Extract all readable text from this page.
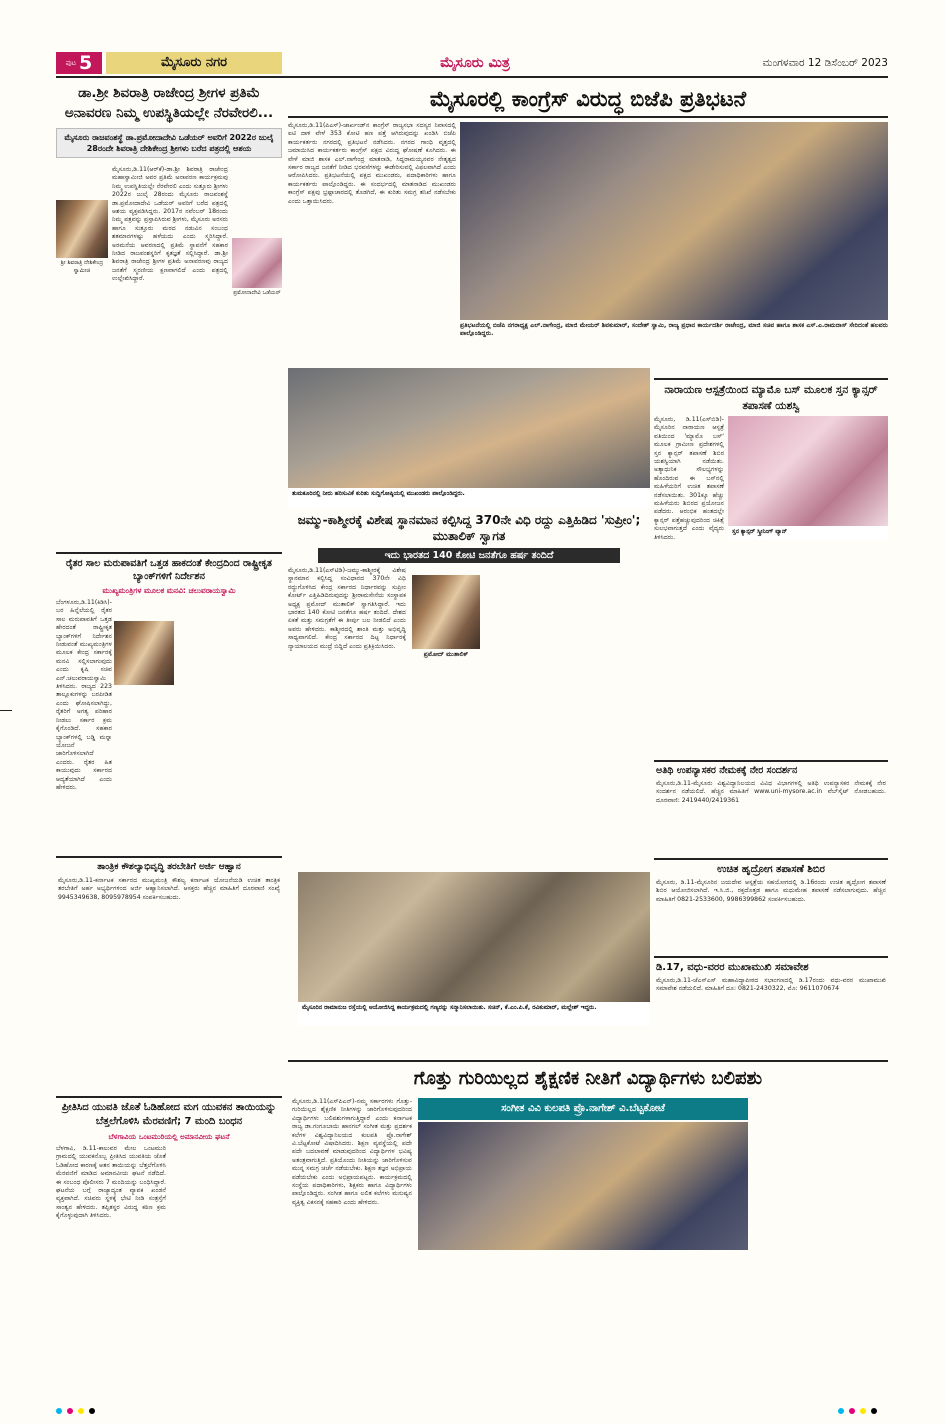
ಪುಟ 5	ಮೈಸೂರು ನಗರ	ಮೈಸೂರು ಮಿತ್ರ	ಮಂಗಳವಾರ 12 ಡಿಸೆಂಬರ್ 2023
ಡಾ.ಶ್ರೀ ಶಿವರಾತ್ರಿ ರಾಜೇಂದ್ರ ಶ್ರೀಗಳ ಪ್ರತಿಮೆ ಅನಾವರಣ ನಿಮ್ಮ ಉಪಸ್ಥಿತಿಯಲ್ಲೇ ನೆರವೇರಲಿ...
ಮೈಸೂರು ರಾಜವಂಶಸ್ಥೆ ಡಾ.ಪ್ರಮೋದಾದೇವಿ ಒಡೆಯರ್ ಅವರಿಗೆ 2022ರ ಜುಲೈ 28ರಂದೇ ಶಿವರಾತ್ರಿ ದೇಶಿಕೇಂದ್ರ ಶ್ರೀಗಳು ಬರೆದ ಪತ್ರದಲ್ಲಿ ಆಶಯ
ಶ್ರೀ ಶಿವರಾತ್ರಿ ದೇಶಿಕೇಂದ್ರ ಸ್ವಾಮೀಜಿ
ಪ್ರಮೋದಾದೇವಿ ಒಡೆಯರ್
ಮೈಸೂರು,ಡಿ.11(ಆರ್‌ಕೆ)-ಡಾ.ಶ್ರೀ ಶಿವರಾತ್ರಿ ರಾಜೇಂದ್ರ ಮಹಾಸ್ವಾಮೀಜಿ ಅವರ ಪ್ರತಿಮೆ ಅನಾವರಣ ಕಾರ್ಯಕ್ರಮವು ನಿಮ್ಮ ಉಪಸ್ಥಿತಿಯಲ್ಲೇ ನೆರವೇರಲಿ ಎಂದು ಸುತ್ತೂರು ಶ್ರೀಗಳು 2022ರ ಜುಲೈ 28ರಂದು ಮೈಸೂರು ರಾಜವಂಶಸ್ಥೆ ಡಾ.ಪ್ರಮೋದಾದೇವಿ ಒಡೆಯರ್ ಅವರಿಗೆ ಬರೆದ ಪತ್ರದಲ್ಲಿ ಆಶಯ ವ್ಯಕ್ತಪಡಿಸಿದ್ದರು. 2017ರ ನವೆಂಬರ್ 18ರಂದು ನಿಮ್ಮ ಪತ್ರವನ್ನು ಪ್ರಸ್ತಾಪಿಸಿರುವ ಶ್ರೀಗಳು, ಮೈಸೂರು ಅರಸರು ಹಾಗೂ ಸುತ್ತೂರು ಮಠದ ನಡುವಿನ ಸಂಬಂಧ ಶತಮಾನಗಳಷ್ಟು ಹಳೆಯದು ಎಂದು ಸ್ಮರಿಸಿದ್ದಾರೆ. ಅರಮನೆಯ ಆವರಣದಲ್ಲಿ ಪ್ರತಿಮೆ ಸ್ಥಾಪನೆಗೆ ಸಹಕಾರ ನೀಡಿದ ರಾಜವಂಶಸ್ಥರಿಗೆ ಕೃತಜ್ಞತೆ ಸಲ್ಲಿಸಿದ್ದಾರೆ. ಡಾ.ಶ್ರೀ ಶಿವರಾತ್ರಿ ರಾಜೇಂದ್ರ ಶ್ರೀಗಳ ಪ್ರತಿಮೆ ಅನಾವರಣವು ರಾಜ್ಯದ ಜನತೆಗೆ ಸ್ಮರಣೀಯ ಕ್ಷಣವಾಗಲಿದೆ ಎಂದು ಪತ್ರದಲ್ಲಿ ಉಲ್ಲೇಖಿಸಿದ್ದಾರೆ.
ರೈತರ ಸಾಲ ಮರುಪಾವತಿಗೆ ಒತ್ತಡ ಹಾಕದಂತೆ ಕೇಂದ್ರದಿಂದ ರಾಷ್ಟ್ರೀಕೃತ ಬ್ಯಾಂಕ್‌ಗಳಿಗೆ ನಿರ್ದೇಶನ
ಮುಖ್ಯಮಂತ್ರಿಗಳ ಮೂಲಕ ಮನವಿ: ಚಲುವರಾಯಸ್ವಾಮಿ
ಬೆಂಗಳೂರು,ಡಿ.11(ಕಿಡಿಸಿ)-ಬರ ಹಿನ್ನೆಲೆಯಲ್ಲಿ ರೈತರ ಸಾಲ ಮರುಪಾವತಿಗೆ ಒತ್ತಡ ಹೇರದಂತೆ ರಾಷ್ಟ್ರೀಕೃತ ಬ್ಯಾಂಕ್‌ಗಳಿಗೆ ನಿರ್ದೇಶನ ನೀಡುವಂತೆ ಮುಖ್ಯಮಂತ್ರಿಗಳ ಮೂಲಕ ಕೇಂದ್ರ ಸರ್ಕಾರಕ್ಕೆ ಮನವಿ ಸಲ್ಲಿಸಲಾಗುವುದು ಎಂದು ಕೃಷಿ ಸಚಿವ ಎನ್.ಚಲುವರಾಯಸ್ವಾಮಿ ತಿಳಿಸಿದರು. ರಾಜ್ಯದ 223 ತಾಲ್ಲೂಕುಗಳನ್ನು ಬರಪೀಡಿತ ಎಂದು ಘೋಷಿಸಲಾಗಿದ್ದು, ರೈತರಿಗೆ ಅಗತ್ಯ ಪರಿಹಾರ ನೀಡಲು ಸರ್ಕಾರ ಕ್ರಮ ಕೈಗೊಂಡಿದೆ. ಸಹಕಾರ ಬ್ಯಾಂಕ್‌ಗಳಲ್ಲಿ ಬಡ್ಡಿ ಮನ್ನಾ ಯೋಜನೆ ಜಾರಿಗೊಳಿಸಲಾಗಿದೆ ಎಂದರು. ರೈತರ ಹಿತ ಕಾಯುವುದು ಸರ್ಕಾರದ ಆದ್ಯತೆಯಾಗಿದೆ ಎಂದು ಹೇಳಿದರು.
ತಾಂತ್ರಿಕ ಕೌಶಲ್ಯಾಭಿವೃದ್ಧಿ ತರಬೇತಿಗೆ ಅರ್ಜಿ ಆಹ್ವಾನ
ಮೈಸೂರು,ಡಿ.11-ಕರ್ನಾಟಕ ಸರ್ಕಾರದ ಮುಖ್ಯಮಂತ್ರಿ ಕೌಶಲ್ಯ ಕರ್ನಾಟಕ ಯೋಜನೆಯಡಿ ಉಚಿತ ತಾಂತ್ರಿಕ ತರಬೇತಿಗೆ ಅರ್ಹ ಅಭ್ಯರ್ಥಿಗಳಿಂದ ಅರ್ಜಿ ಆಹ್ವಾನಿಸಲಾಗಿದೆ. ಆಸಕ್ತರು ಹೆಚ್ಚಿನ ಮಾಹಿತಿಗೆ ದೂರವಾಣಿ ಸಂಖ್ಯೆ 9945349638, 8095978954 ಸಂಪರ್ಕಿಸಬಹುದು.
ಮೈಸೂರಲ್ಲಿ ಕಾಂಗ್ರೆಸ್ ವಿರುದ್ಧ ಬಿಜೆಪಿ ಪ್ರತಿಭಟನೆ
ಮೈಸೂರು,ಡಿ.11(ಪಿಎಸ್)-ಜಾರ್ಖಂಡ್‌ನ ಕಾಂಗ್ರೆಸ್ ರಾಜ್ಯಸಭಾ ಸದಸ್ಯರ ನಿವಾಸದಲ್ಲಿ ಐಟಿ ದಾಳಿ ವೇಳೆ 353 ಕೋಟಿ ಹಣ ಪತ್ತೆ ಆಗಿರುವುದನ್ನು ಖಂಡಿಸಿ ಬಿಜೆಪಿ ಕಾರ್ಯಕರ್ತರು ನಗರದಲ್ಲಿ ಪ್ರತಿಭಟನೆ ನಡೆಸಿದರು. ನಗರದ ಗಾಂಧಿ ವೃತ್ತದಲ್ಲಿ ಜಮಾಯಿಸಿದ ಕಾರ್ಯಕರ್ತರು ಕಾಂಗ್ರೆಸ್ ಪಕ್ಷದ ವಿರುದ್ಧ ಘೋಷಣೆ ಕೂಗಿದರು. ಈ ವೇಳೆ ಮಾಜಿ ಶಾಸಕ ಎಲ್.ನಾಗೇಂದ್ರ ಮಾತನಾಡಿ, ಸಿದ್ದರಾಮಯ್ಯನವರ ನೇತೃತ್ವದ ಸರ್ಕಾರ ರಾಜ್ಯದ ಜನತೆಗೆ ನೀಡಿದ ಭರವಸೆಗಳನ್ನು ಈಡೇರಿಸುವಲ್ಲಿ ವಿಫಲವಾಗಿದೆ ಎಂದು ಆರೋಪಿಸಿದರು. ಪ್ರತಿಭಟನೆಯಲ್ಲಿ ಪಕ್ಷದ ಮುಖಂಡರು, ಪದಾಧಿಕಾರಿಗಳು ಹಾಗೂ ಕಾರ್ಯಕರ್ತರು ಪಾಲ್ಗೊಂಡಿದ್ದರು. ಈ ಸಂದರ್ಭದಲ್ಲಿ ಮಾತನಾಡಿದ ಮುಖಂಡರು ಕಾಂಗ್ರೆಸ್ ಪಕ್ಷವು ಭ್ರಷ್ಟಾಚಾರದಲ್ಲಿ ತೊಡಗಿದೆ, ಈ ಕುರಿತು ಸಮಗ್ರ ತನಿಖೆ ನಡೆಸಬೇಕು ಎಂದು ಒತ್ತಾಯಿಸಿದರು.
ಪ್ರತಿಭಟನೆಯಲ್ಲಿ ಬಿಜೆಪಿ ನಗರಾಧ್ಯಕ್ಷ ಎಲ್.ನಾಗೇಂದ್ರ, ಮಾಜಿ ಮೇಯರ್ ಶಿವಕುಮಾರ್, ಸಂದೇಶ್ ಸ್ವಾಮಿ, ರಾಜ್ಯ ಪ್ರಧಾನ ಕಾರ್ಯದರ್ಶಿ ರಾಜೇಂದ್ರ, ಮಾಜಿ ಸಚಿವ ಹಾಗೂ ಶಾಸಕ ಎಸ್.ಎ.ರಾಮದಾಸ್ ಸೇರಿದಂತೆ ಹಲವರು ಪಾಲ್ಗೊಂಡಿದ್ದರು.
ತುಮಕೂರಿನಲ್ಲಿ ನೀರು ಹರಿಸುವಿಕೆ ಕುರಿತು ಸುದ್ದಿಗೋಷ್ಠಿಯಲ್ಲಿ ಮುಖಂಡರು ಪಾಲ್ಗೊಂಡಿದ್ದರು.
ಜಮ್ಮು-ಕಾಶ್ಮೀರಕ್ಕೆ ವಿಶೇಷ ಸ್ಥಾನಮಾನ ಕಲ್ಪಿಸಿದ್ದ 370ನೇ ವಿಧಿ ರದ್ದು ಎತ್ತಿಹಿಡಿದ 'ಸುಪ್ರೀಂ'; ಮುತಾಲಿಕ್ ಸ್ವಾಗತ
ಇದು ಭಾರತದ 140 ಕೋಟಿ ಜನತೆಗೂ ಹರ್ಷ ತಂದಿದೆ
ಮೈಸೂರು,ಡಿ.11(ಎಸ್‌ಟಿಡಿ)-ಜಮ್ಮು-ಕಾಶ್ಮೀರಕ್ಕೆ ವಿಶೇಷ ಸ್ಥಾನಮಾನ ಕಲ್ಪಿಸಿದ್ದ ಸಂವಿಧಾನದ 370ನೇ ವಿಧಿ ರದ್ದುಗೊಳಿಸಿದ ಕೇಂದ್ರ ಸರ್ಕಾರದ ನಿರ್ಧಾರವನ್ನು ಸುಪ್ರೀಂ ಕೋರ್ಟ್ ಎತ್ತಿಹಿಡಿದಿರುವುದನ್ನು ಶ್ರೀರಾಮಸೇನೆಯ ಸಂಸ್ಥಾಪಕ ಅಧ್ಯಕ್ಷ ಪ್ರಮೋದ್ ಮುತಾಲಿಕ್ ಸ್ವಾಗತಿಸಿದ್ದಾರೆ. ಇದು ಭಾರತದ 140 ಕೋಟಿ ಜನತೆಗೂ ಹರ್ಷ ತಂದಿದೆ. ದೇಶದ ಏಕತೆ ಮತ್ತು ಸಮಗ್ರತೆಗೆ ಈ ತೀರ್ಪು ಬಲ ನೀಡಲಿದೆ ಎಂದು ಅವರು ಹೇಳಿದರು. ಕಾಶ್ಮೀರದಲ್ಲಿ ಶಾಂತಿ ಮತ್ತು ಅಭಿವೃದ್ಧಿ ಸಾಧ್ಯವಾಗಲಿದೆ. ಕೇಂದ್ರ ಸರ್ಕಾರದ ದಿಟ್ಟ ನಿರ್ಧಾರಕ್ಕೆ ನ್ಯಾಯಾಲಯದ ಮುದ್ರೆ ಬಿದ್ದಿದೆ ಎಂದು ಪ್ರತಿಕ್ರಿಯಿಸಿದರು.
ಪ್ರಮೋದ್ ಮುತಾಲಿಕ್
ನಾರಾಯಣ ಆಸ್ಪತ್ರೆಯಿಂದ ಮ್ಯಾಮೊ ಬಸ್ ಮೂಲಕ ಸ್ತನ ಕ್ಯಾನ್ಸರ್ ತಪಾಸಣೆ ಯಶಸ್ವಿ
ಮೈಸೂರು, ಡಿ.11(ಎಸ್‌ಬಿಡಿ)-ಮೈಸೂರಿನ ನಾರಾಯಣ ಆಸ್ಪತ್ರೆ ವತಿಯಿಂದ 'ಮ್ಯಾಮೊ ಬಸ್' ಮೂಲಕ ಗ್ರಾಮೀಣ ಪ್ರದೇಶಗಳಲ್ಲಿ ಸ್ತನ ಕ್ಯಾನ್ಸರ್ ತಪಾಸಣೆ ಶಿಬಿರ ಯಶಸ್ವಿಯಾಗಿ ನಡೆಯಿತು. ಅತ್ಯಾಧುನಿಕ ಸೌಲಭ್ಯಗಳನ್ನು ಹೊಂದಿರುವ ಈ ಬಸ್‌ನಲ್ಲಿ ಮಹಿಳೆಯರಿಗೆ ಉಚಿತ ತಪಾಸಣೆ ನಡೆಸಲಾಯಿತು. 301ಕ್ಕೂ ಹೆಚ್ಚು ಮಹಿಳೆಯರು ಶಿಬಿರದ ಪ್ರಯೋಜನ ಪಡೆದರು. ಆರಂಭಿಕ ಹಂತದಲ್ಲೇ ಕ್ಯಾನ್ಸರ್ ಪತ್ತೆಹಚ್ಚುವುದರಿಂದ ಚಿಕಿತ್ಸೆ ಸುಲಭವಾಗುತ್ತದೆ ಎಂದು ವೈದ್ಯರು ತಿಳಿಸಿದರು.
ಸ್ತನ ಕ್ಯಾನ್ಸರ್ ಸ್ಕ್ರೀನಿಂಗ್ ವ್ಯಾನ್
ಅತಿಥಿ ಉಪನ್ಯಾಸಕರ ನೇಮಕಕ್ಕೆ ನೇರ ಸಂದರ್ಶನ
ಮೈಸೂರು,ಡಿ.11-ಮೈಸೂರು ವಿಶ್ವವಿದ್ಯಾನಿಲಯದ ವಿವಿಧ ವಿಭಾಗಗಳಲ್ಲಿ ಅತಿಥಿ ಉಪನ್ಯಾಸಕರ ನೇಮಕಕ್ಕೆ ನೇರ ಸಂದರ್ಶನ ನಡೆಯಲಿದೆ. ಹೆಚ್ಚಿನ ಮಾಹಿತಿಗೆ www.uni-mysore.ac.in ವೆಬ್‌ಸೈಟ್ ನೋಡಬಹುದು. ದೂರವಾಣಿ: 2419440/2419361
ಉಚಿತ ಹೃದ್ರೋಗ ತಪಾಸಣೆ ಶಿಬಿರ
ಮೈಸೂರು, ಡಿ.11-ಮೈಸೂರಿನ ಜಯದೇವ ಆಸ್ಪತ್ರೆಯ ಸಹಯೋಗದಲ್ಲಿ ಡಿ.16ರಂದು ಉಚಿತ ಹೃದ್ರೋಗ ತಪಾಸಣೆ ಶಿಬಿರ ಆಯೋಜಿಸಲಾಗಿದೆ. ಇ.ಸಿ.ಜಿ., ರಕ್ತದೊತ್ತಡ ಹಾಗೂ ಮಧುಮೇಹ ತಪಾಸಣೆ ನಡೆಸಲಾಗುವುದು. ಹೆಚ್ಚಿನ ಮಾಹಿತಿಗೆ 0821-2533600, 9986399862 ಸಂಪರ್ಕಿಸಬಹುದು.
ಡಿ.17, ವಧು-ವರರ ಮುಖಾಮುಖಿ ಸಮಾವೇಶ
ಮೈಸೂರು,ಡಿ.11-ಜೆಎಸ್‌ಎಸ್ ಮಹಾವಿದ್ಯಾಪೀಠದ ಸಭಾಂಗಣದಲ್ಲಿ ಡಿ.17ರಂದು ವಧು-ವರರ ಮುಖಾಮುಖಿ ಸಮಾವೇಶ ನಡೆಯಲಿದೆ. ಮಾಹಿತಿಗೆ ದೂ: 0821-2430322, ಮೊ: 9611070674
ಮೈಸೂರಿನ ರಾಮಾನುಜ ರಸ್ತೆಯಲ್ಲಿ ಆಯೋಜಿಸಿದ್ದ ಕಾರ್ಯಕ್ರಮದಲ್ಲಿ ಗಣ್ಯರನ್ನು ಸನ್ಮಾನಿಸಲಾಯಿತು. ಸಚಿನ್, ಕೆ.ಎಂ.ಪಿ.ಕೆ, ರವಿಕುಮಾರ್, ಮಲ್ಲೇಶ್ ಇದ್ದರು.
ಗೊತ್ತು ಗುರಿಯಿಲ್ಲದ ಶೈಕ್ಷಣಿಕ ನೀತಿಗೆ ವಿದ್ಯಾರ್ಥಿಗಳು ಬಲಿಪಶು
ಮೈಸೂರು,ಡಿ.11(ಎಸ್‌ಪಿಎನ್)-ನಮ್ಮ ಸರ್ಕಾರಗಳು ಗೊತ್ತು-ಗುರಿಯಿಲ್ಲದ ಶೈಕ್ಷಣಿಕ ನೀತಿಗಳನ್ನು ಜಾರಿಗೊಳಿಸುವುದರಿಂದ ವಿದ್ಯಾರ್ಥಿಗಳು ಬಲಿಪಶುಗಳಾಗುತ್ತಿದ್ದಾರೆ ಎಂದು ಕರ್ನಾಟಕ ರಾಜ್ಯ ಡಾ.ಗಂಗೂಬಾಯಿ ಹಾನಗಲ್ ಸಂಗೀತ ಮತ್ತು ಪ್ರದರ್ಶಕ ಕಲೆಗಳ ವಿಶ್ವವಿದ್ಯಾನಿಲಯದ ಕುಲಪತಿ ಪ್ರೊ.ನಾಗೇಶ್ ವಿ.ಬೆಟ್ಟಕೋಟೆ ವಿಷಾದಿಸಿದರು. ಶಿಕ್ಷಣ ವ್ಯವಸ್ಥೆಯಲ್ಲಿ ಪದೇ ಪದೇ ಬದಲಾವಣೆ ಮಾಡುವುದರಿಂದ ವಿದ್ಯಾರ್ಥಿಗಳ ಭವಿಷ್ಯ ಅತಂತ್ರವಾಗುತ್ತಿದೆ. ಪ್ರತಿಯೊಂದು ನೀತಿಯನ್ನು ಜಾರಿಗೊಳಿಸುವ ಮುನ್ನ ಸಮಗ್ರ ಚರ್ಚೆ ನಡೆಯಬೇಕು. ಶಿಕ್ಷಣ ತಜ್ಞರ ಅಭಿಪ್ರಾಯ ಪಡೆಯಬೇಕು ಎಂದು ಅಭಿಪ್ರಾಯಪಟ್ಟರು. ಕಾರ್ಯಕ್ರಮದಲ್ಲಿ ಸಂಸ್ಥೆಯ ಪದಾಧಿಕಾರಿಗಳು, ಶಿಕ್ಷಕರು ಹಾಗೂ ವಿದ್ಯಾರ್ಥಿಗಳು ಪಾಲ್ಗೊಂಡಿದ್ದರು. ಸಂಗೀತ ಹಾಗೂ ಲಲಿತ ಕಲೆಗಳು ಮನುಷ್ಯನ ವ್ಯಕ್ತಿತ್ವ ವಿಕಸನಕ್ಕೆ ಸಹಕಾರಿ ಎಂದು ಹೇಳಿದರು.
ಸಂಗೀತ ವಿವಿ ಕುಲಪತಿ ಪ್ರೊ.ನಾಗೇಶ್ ವಿ.ಬೆಟ್ಟಕೋಟೆ
ಪ್ರೀತಿಸಿದ ಯುವತಿ ಜೊತೆ ಓಡಿಹೋದ ಮಗ ಯುವಕನ ತಾಯಿಯನ್ನು ಬೆತ್ತಲೆಗೊಳಿಸಿ ಮೆರವಣಿಗೆ; 7 ಮಂದಿ ಬಂಧನ
ಬೆಳಗಾವಿಯ ಒಂಟಮುರಿಯಲ್ಲಿ ಅಮಾನವೀಯ ಘಟನೆ
ಬೆಳಗಾವಿ, ಡಿ.11-ಕಾಲುವರ ಮೇಲ ಒಂಟಮುರಿ ಗ್ರಾಮದಲ್ಲಿ ಯುವಕನೊಬ್ಬ ಪ್ರೀತಿಸಿದ ಯುವತಿಯ ಜೊತೆ ಓಡಿಹೋದ ಕಾರಣಕ್ಕೆ ಆತನ ತಾಯಿಯನ್ನು ಬೆತ್ತಲೆಗೊಳಿಸಿ ಮೆರವಣಿಗೆ ಮಾಡಿದ ಅಮಾನವೀಯ ಘಟನೆ ನಡೆದಿದೆ. ಈ ಸಂಬಂಧ ಪೊಲೀಸರು 7 ಮಂದಿಯನ್ನು ಬಂಧಿಸಿದ್ದಾರೆ. ಘಟನೆಯ ಬಗ್ಗೆ ರಾಜ್ಯಾದ್ಯಂತ ವ್ಯಾಪಕ ಖಂಡನೆ ವ್ಯಕ್ತವಾಗಿದೆ. ಸಚಿವರು ಸ್ಥಳಕ್ಕೆ ಭೇಟಿ ನೀಡಿ ಸಂತ್ರಸ್ತೆಗೆ ಸಾಂತ್ವನ ಹೇಳಿದರು. ತಪ್ಪಿತಸ್ಥರ ವಿರುದ್ಧ ಕಠಿಣ ಕ್ರಮ ಕೈಗೊಳ್ಳುವುದಾಗಿ ತಿಳಿಸಿದರು.
